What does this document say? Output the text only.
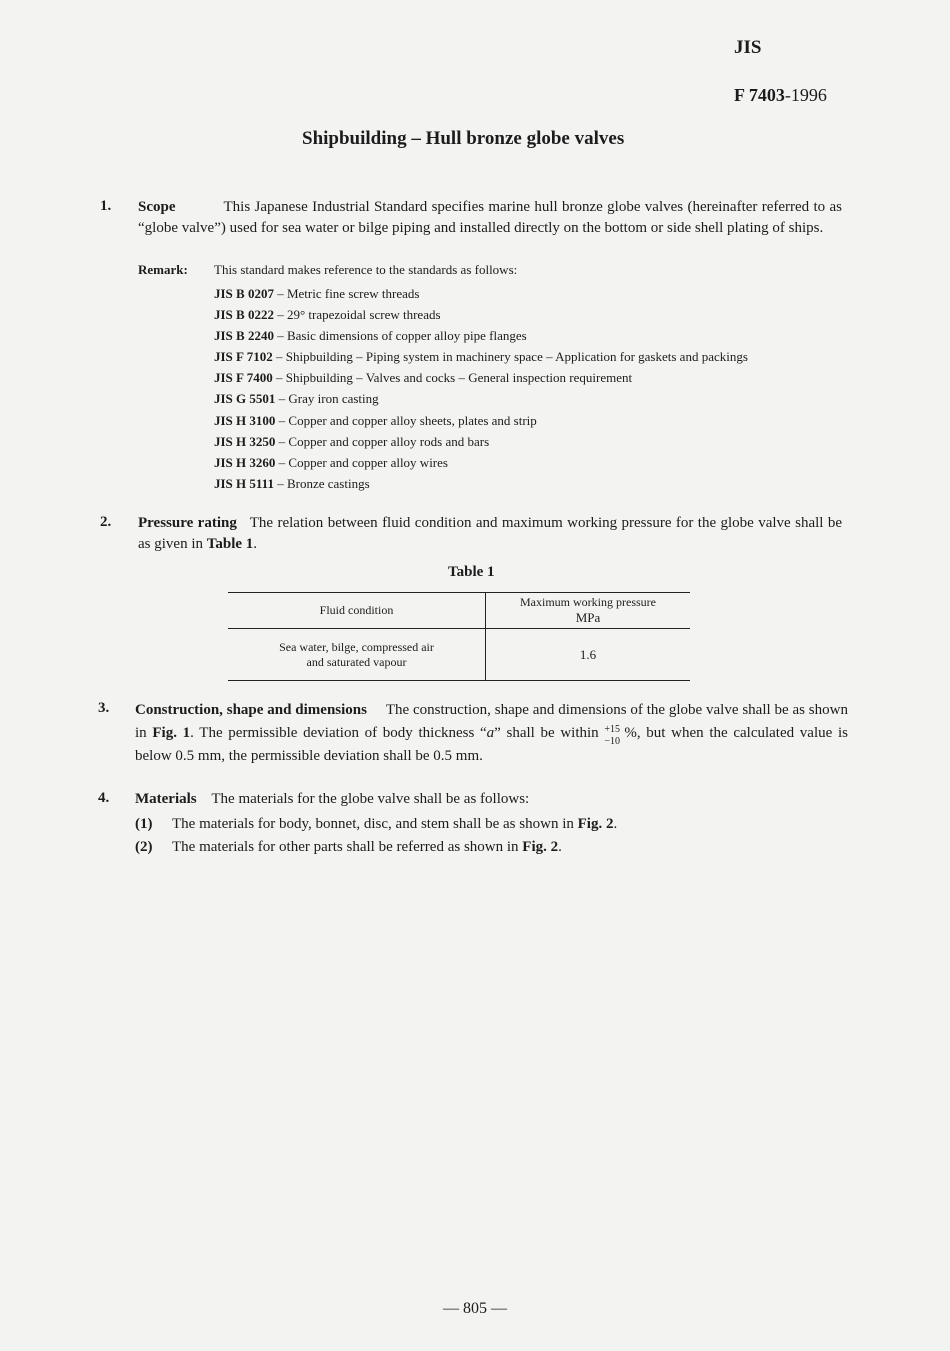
JIS
F 7403-1996
Shipbuilding – Hull bronze globe valves
1. Scope	This Japanese Industrial Standard specifies marine hull bronze globe valves (hereinafter referred to as “globe valve”) used for sea water or bilge piping and installed directly on the bottom or side shell plating of ships.
Remark: This standard makes reference to the standards as follows:
JIS B 0207 – Metric fine screw threads
JIS B 0222 – 29° trapezoidal screw threads
JIS B 2240 – Basic dimensions of copper alloy pipe flanges
JIS F 7102 – Shipbuilding – Piping system in machinery space – Application for gaskets and packings
JIS F 7400 – Shipbuilding – Valves and cocks – General inspection requirement
JIS G 5501 – Gray iron casting
JIS H 3100 – Copper and copper alloy sheets, plates and strip
JIS H 3250 – Copper and copper alloy rods and bars
JIS H 3260 – Copper and copper alloy wires
JIS H 5111 – Bronze castings
2. Pressure rating The relation between fluid condition and maximum working pressure for the globe valve shall be as given in Table 1.
Table 1
Fluid condition	Maximum working pressure
MPa

Sea water, bilge, compressed air
and saturated vapour	1.6
3. Construction, shape and dimensions The construction, shape and dimensions of the globe valve shall be as shown in Fig. 1. The permissible deviation of body thickness “a” shall be within +15
−10
%, but when the calculated value is below 0.5 mm, the permissible deviation shall be 0.5 mm.
4. Materials The materials for the globe valve shall be as follows:
(1) The materials for body, bonnet, disc, and stem shall be as shown in Fig. 2.
(2) The materials for other parts shall be referred as shown in Fig. 2.
— 805 —
